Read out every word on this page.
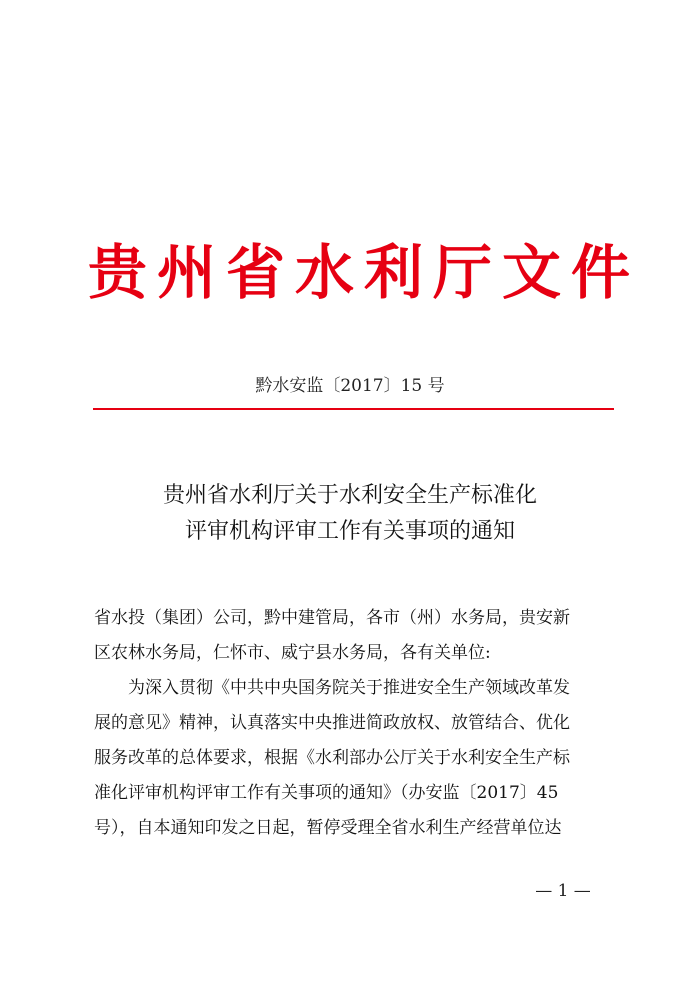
贵州省水利厅文件
黔水安监〔2017〕15 号
贵州省水利厅关于水利安全生产标准化
评审机构评审工作有关事项的通知

省水投（集团）公司，黔中建管局，各市（州）水务局，贵安新

区农林水务局，仁怀市、威宁县水务局，各有关单位:

为深入贯彻《中共中央国务院关于推进安全生产领域改革发

展的意见》精神，认真落实中央推进简政放权、放管结合、优化

服务改革的总体要求，根据《水利部办公厅关于水利安全生产标

准化评审机构评审工作有关事项的通知》（办安监〔2017〕45

号），自本通知印发之日起，暂停受理全省水利生产经营单位达

— 1 —
